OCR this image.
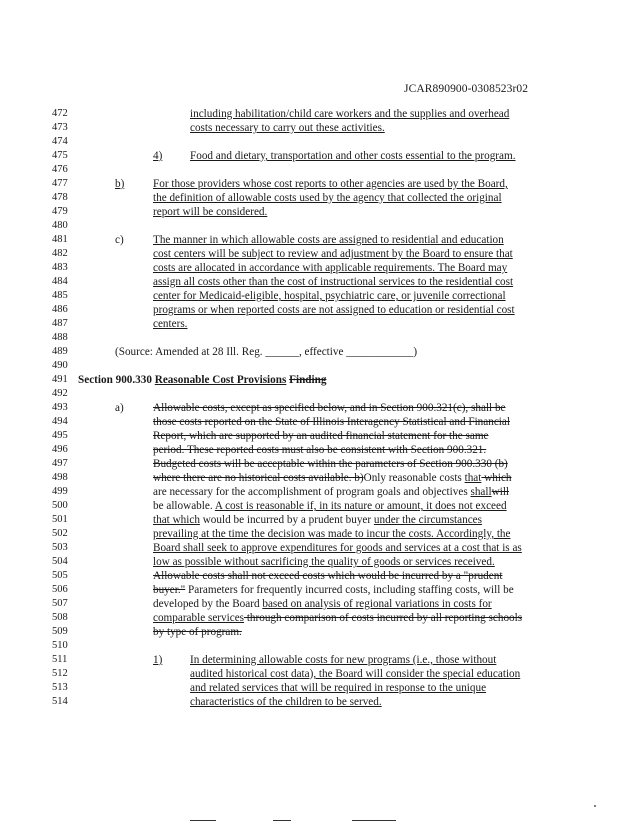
JCAR890900-0308523r02
472	including habilitation/child care workers and the supplies and overhead
473	costs necessary to carry out these activities.
474
475	4) Food and dietary, transportation and other costs essential to the program.
476
477	b)	For those providers whose cost reports to other agencies are used by the Board,
478	the definition of allowable costs used by the agency that collected the original
479	report will be considered.
480
481	c)	The manner in which allowable costs are assigned to residential and education
482	cost centers will be subject to review and adjustment by the Board to ensure that
483	costs are allocated in accordance with applicable requirements. The Board may
484	assign all costs other than the cost of instructional services to the residential cost
485	center for Medicaid-eligible, hospital, psychiatric care, or juvenile correctional
486	programs or when reported costs are not assigned to education or residential cost
487	centers.
488
489	(Source: Amended at 28 Ill. Reg. ______, effective ____________)
490
491 Section 900.330 Reasonable Cost Provisions Finding
492
493	a)	Allowable costs, except as specified below, and in Section 900.321(c), shall be
494	those costs reported on the State of Illinois Interagency Statistical and Financial
495	Report, which are supported by an audited financial statement for the same
496	period. These reported costs must also be consistent with Section 900.321.
497	Budgeted costs will be acceptable within the parameters of Section 900.330 (b)
498	where there are no historical costs available. b)Only reasonable costs that which
499	are necessary for the accomplishment of program goals and objectives shallwill
500	be allowable. A cost is reasonable if, in its nature or amount, it does not exceed
501	that which would be incurred by a prudent buyer under the circumstances
502	prevailing at the time the decision was made to incur the costs. Accordingly, the
503	Board shall seek to approve expenditures for goods and services at a cost that is as
504	low as possible without sacrificing the quality of goods or services received.
505	Allowable costs shall not exceed costs which would be incurred by a "prudent
506	buyer." Parameters for frequently incurred costs, including staffing costs, will be
507	developed by the Board based on analysis of regional variations in costs for
508	comparable services through comparison of costs incurred by all reporting schools
509	by type of program.
510
511	1) In determining allowable costs for new programs (i.e., those without
512	audited historical cost data), the Board will consider the special education
513	and related services that will be required in response to the unique
514	characteristics of the children to be served.
